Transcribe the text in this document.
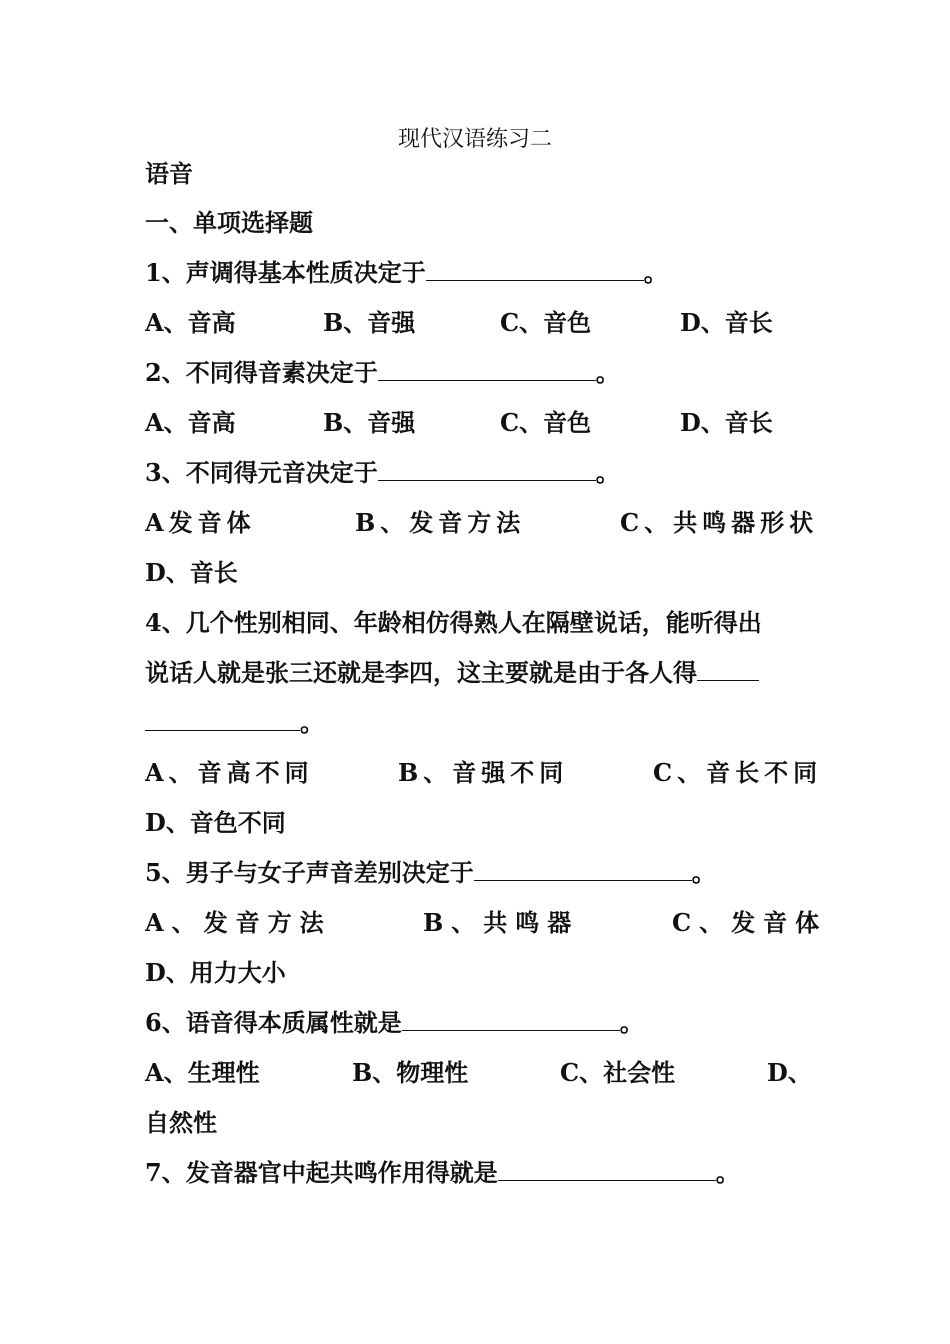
现代汉语练习二
语音
一、单项选择题
1、声调得基本性质决定于	。
A、音高	B、音强	C、音色	D、音长
2、不同得音素决定于	。
A、音高	B、音强	C、音色	D、音长
3、不同得元音决定于	。
A发音体	B、发音方法	C、共鸣器形状
D、音长
4、几个性别相同、年龄相仿得熟人在隔壁说话，能听得出
说话人就是张三还就是李四，这主要就是由于各人得
。
A、音高不同	B、音强不同	C、音长不同
D、音色不同
5、男子与女子声音差别决定于	。
A、发音方法	B、共鸣器	C、发音体
D、用力大小
6、语音得本质属性就是	。
A、生理性	B、物理性	C、社会性	D、
自然性
7、发音器官中起共鸣作用得就是	。
